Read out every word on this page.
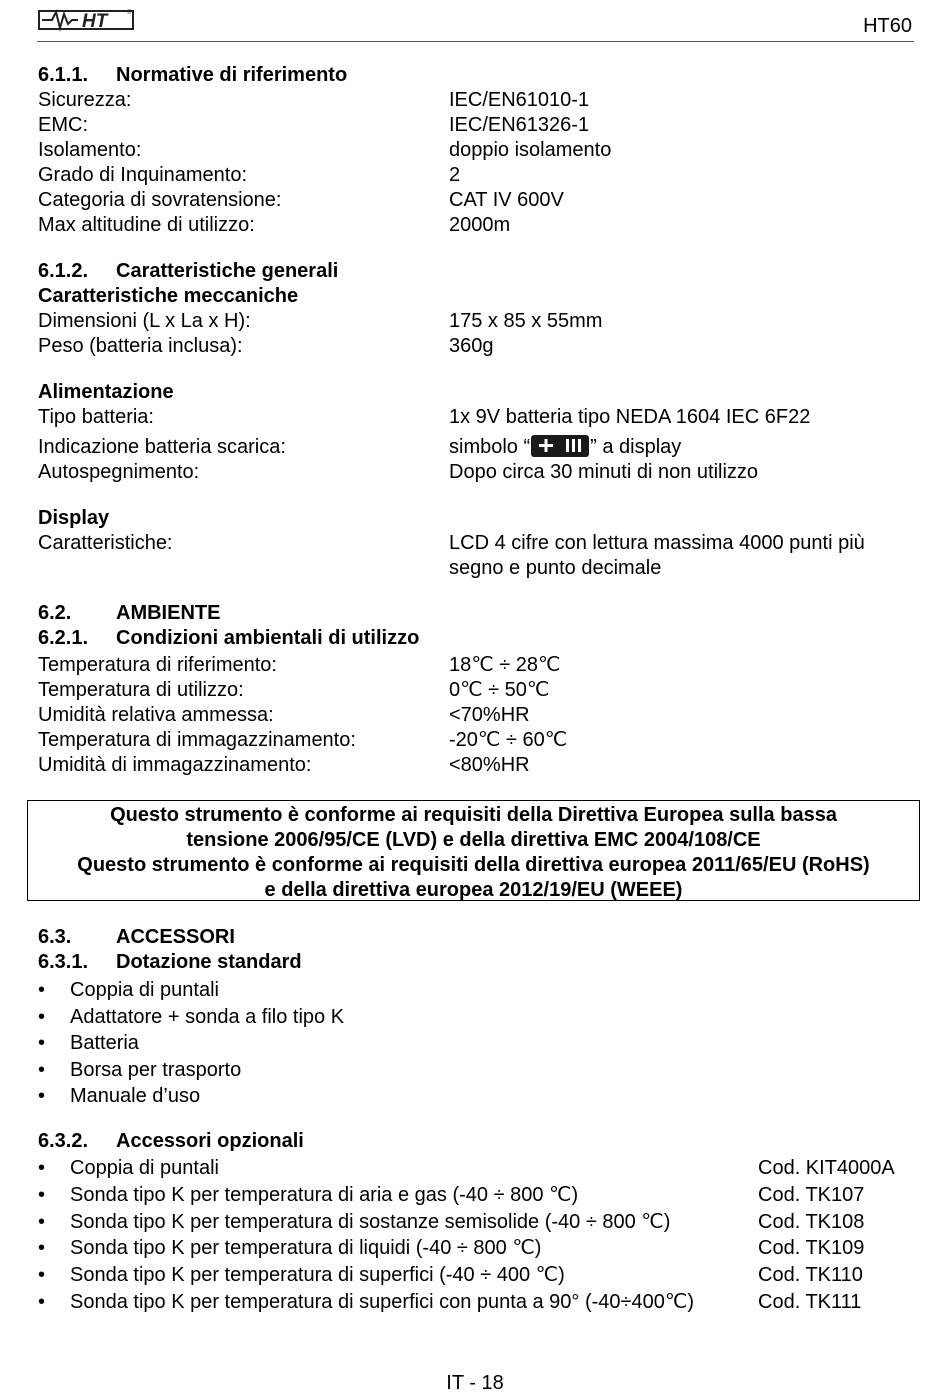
HT	®
HT60
6.1.1. Normative di riferimento
Sicurezza:	IEC/EN61010-1
EMC:	IEC/EN61326-1
Isolamento:	doppio isolamento
Grado di Inquinamento:	2
Categoria di sovratensione:	CAT IV 600V
Max altitudine di utilizzo:	2000m
6.1.2. Caratteristiche generali
Caratteristiche meccaniche
Dimensioni (L x La x H):	175 x 85 x 55mm
Peso (batteria inclusa):	360g
Alimentazione
Tipo batteria:	1x 9V batteria tipo NEDA 1604 IEC 6F22
Indicazione batteria scarica:	simbolo “	” a display
Autospegnimento:	Dopo circa 30 minuti di non utilizzo
Display
Caratteristiche:	LCD 4 cifre con lettura massima 4000 punti più
segno e punto decimale
6.2. AMBIENTE
6.2.1. Condizioni ambientali di utilizzo
Temperatura di riferimento:	18℃ ÷ 28℃
Temperatura di utilizzo:	0℃ ÷ 50℃
Umidità relativa ammessa:	<70%HR
Temperatura di immagazzinamento:	-20℃ ÷ 60℃
Umidità di immagazzinamento:	<80%HR
Questo strumento è conforme ai requisiti della Direttiva Europea sulla bassa
tensione 2006/95/CE (LVD) e della direttiva EMC 2004/108/CE
Questo strumento è conforme ai requisiti della direttiva europea 2011/65/EU (RoHS)
e della direttiva europea 2012/19/EU (WEEE)
6.3. ACCESSORI
6.3.1. Dotazione standard
• Coppia di puntali
• Adattatore + sonda a filo tipo K
• Batteria
• Borsa per trasporto
• Manuale d’uso
6.3.2. Accessori opzionali
• Coppia di puntali	Cod. KIT4000A
• Sonda tipo K per temperatura di aria e gas (-40 ÷ 800 ℃)	Cod. TK107
• Sonda tipo K per temperatura di sostanze semisolide (-40 ÷ 800 ℃)	Cod. TK108
• Sonda tipo K per temperatura di liquidi (-40 ÷ 800 ℃)	Cod. TK109
• Sonda tipo K per temperatura di superfici (-40 ÷ 400 ℃)	Cod. TK110
• Sonda tipo K per temperatura di superfici con punta a 90° (-40÷400℃)	Cod. TK111
IT - 18
